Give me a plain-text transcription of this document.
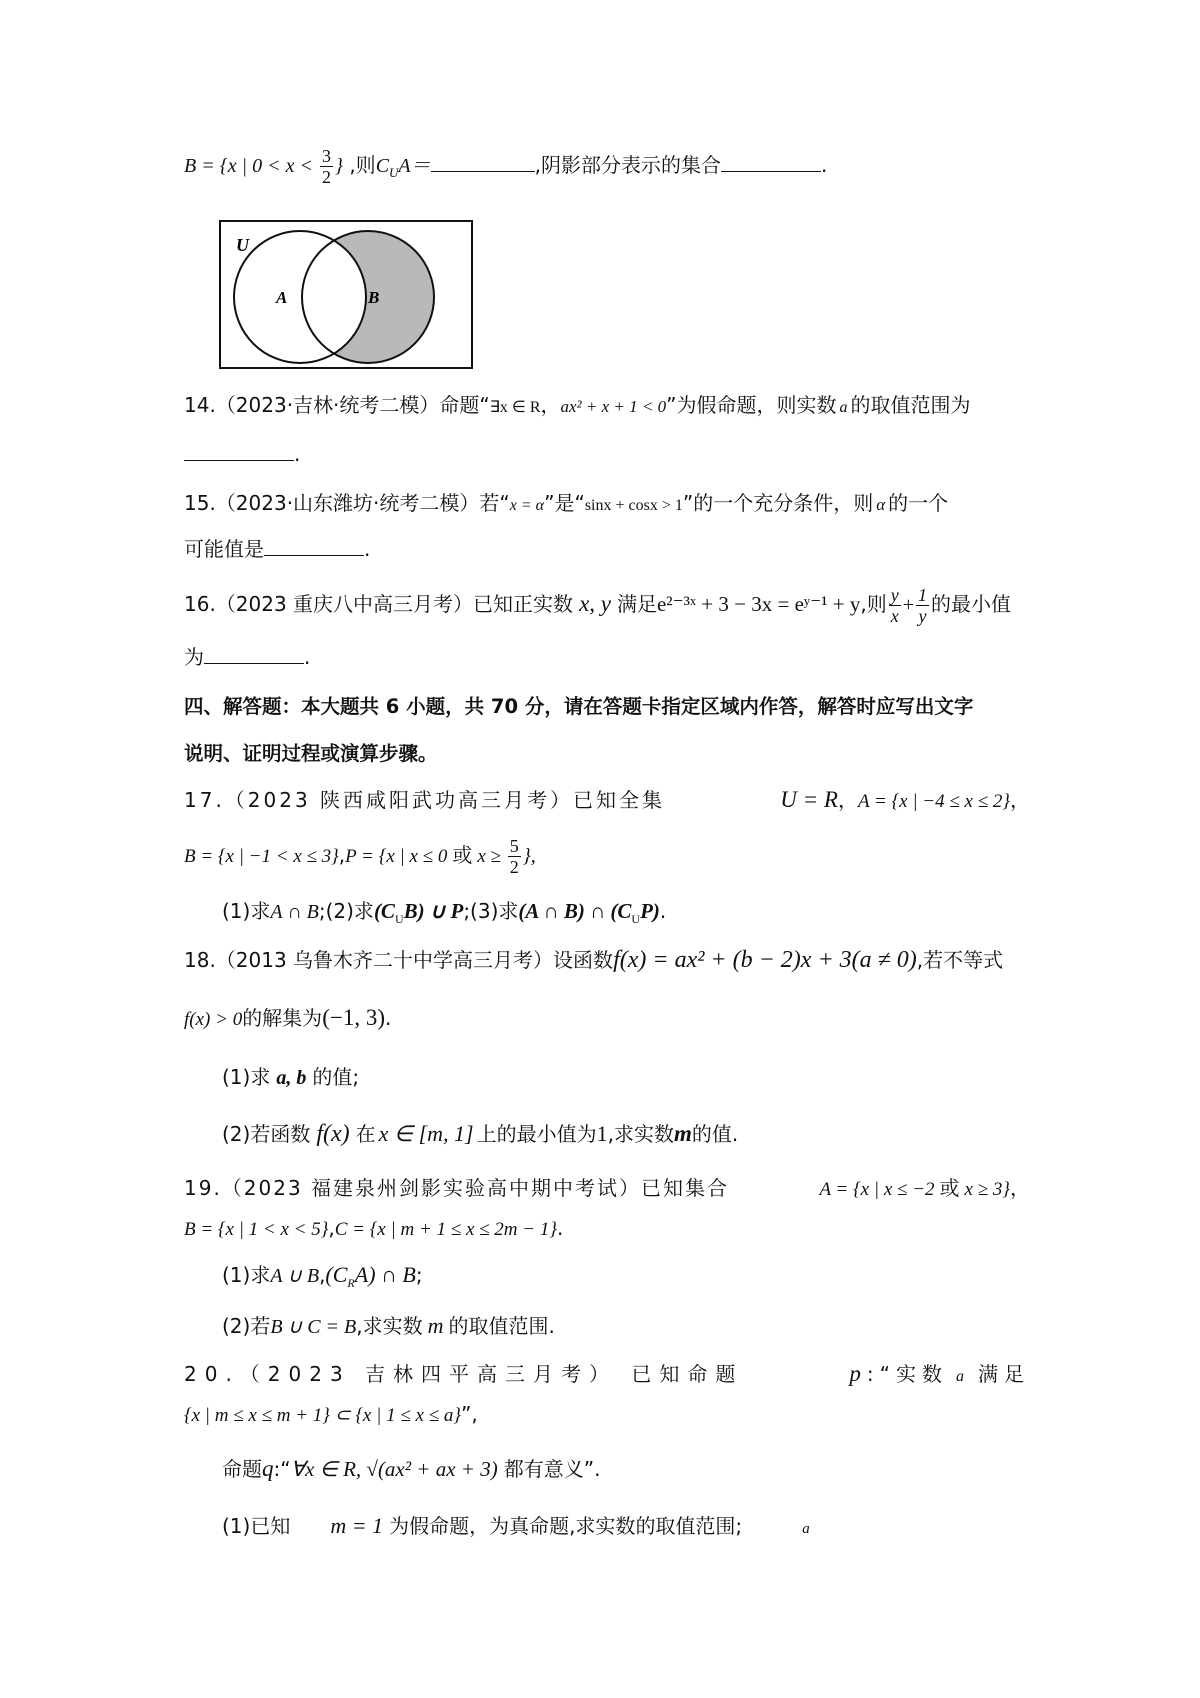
B = {x | $0 < x < \frac{3}{2}$ } ,则$C_UA=$	,阴影部分表示的集合	.
U
A	B
14.（2023·吉林·统考二模）命题“∃x ∈ R，ax² + x + 1 < 0”为假命题，则实数 a 的取值范围为
.
15.（2023·山东潍坊·统考二模）若“x = α”是“sinx + cosx > 1”的一个充分条件，则 α 的一个
可能值是	.
16.（2023 重庆八中高三月考）已知正实数 x, y 满足e²⁻³ˣ + 3 − 3x = eʸ⁻¹ + y,则 $\frac{y}{x} + \frac{1}{y}$ 的最小值
为	.
四、解答题：本大题共 6 小题，共 70 分，请在答题卡指定区域内作答，解答时应写出文字
说明、证明过程或演算步骤。
17.（2023 陕西咸阳武功高三月考）已知全集	U = R，A = {x | −4 ≤ x ≤ 2}，
B = {x | −1 < x ≤ 3},P = {x | x ≤ 0 或 $x \ge \frac{5}{2}$ },
(1)求A ∩ B;(2)求$(C_UB)$ ∪ P;(3)求(A ∩ B) ∩ $(C_UP)$.
18.（2013 乌鲁木齐二十中学高三月考）设函数f(x) = ax² + (b − 2)x + 3(a ≠ 0),若不等式
f(x) > 0的解集为(−1, 3).
(1)求 a, b 的值;
(2)若函数 f(x) 在 x ∈ [m, 1] 上的最小值为1,求实数m的值.
19.（2023 福建泉州剑影实验高中期中考试）已知集合	A = {x | x ≤ −2 或 x ≥ 3}，
B = {x | 1 < x < 5},C = {x | m + 1 ≤ x ≤ 2m − 1}.
(1)求A ∪ $B,(C_RA)$ ∩ B;
(2)若B ∪ C = B,求实数 m 的取值范围.
20.（2023 吉林四平高三月考） 已知命题	p:“实数 a 满足
{x | m ≤ x ≤ m + 1} ⊂ {x | 1 ≤ x ≤ a}”,
命题q:“∀x ∈ R, √(ax² + ax + 3) 都有意义”.
(1)已知 m = 1 为假命题，为真命题,求实数的取值范围;	a
